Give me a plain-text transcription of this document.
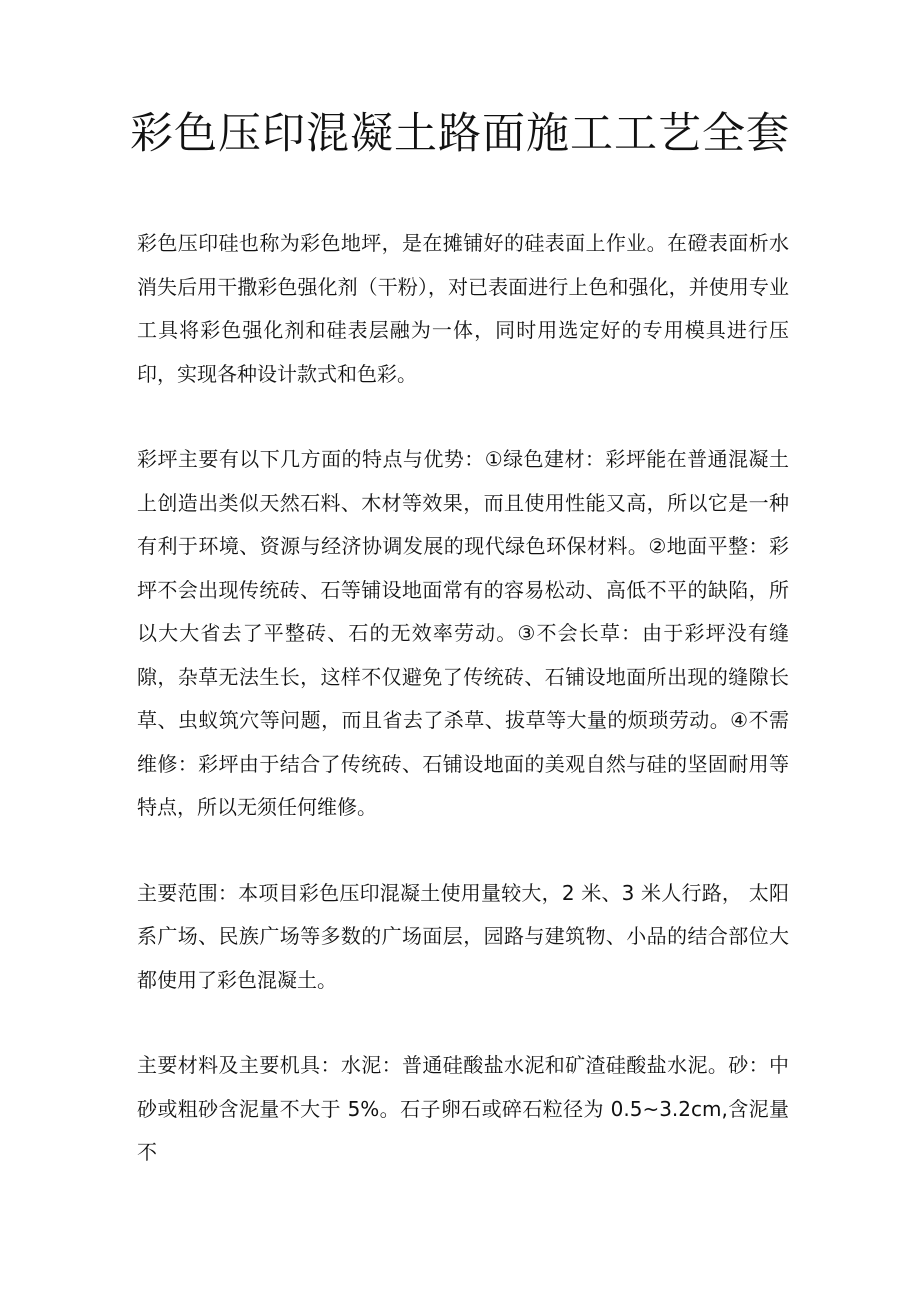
彩色压印混凝土路面施工工艺全套

彩色压印硅也称为彩色地坪，是在摊铺好的硅表面上作业。在磴表面析水消失后用干撒彩色强化剂（干粉），对已表面进行上色和强化，并使用专业工具将彩色强化剂和硅表层融为一体，同时用选定好的专用模具进行压印，实现各种设计款式和色彩。

彩坪主要有以下几方面的特点与优势：①绿色建材：彩坪能在普通混凝土上创造出类似天然石料、木材等效果，而且使用性能又高，所以它是一种有利于环境、资源与经济协调发展的现代绿色环保材料。②地面平整：彩坪不会出现传统砖、石等铺设地面常有的容易松动、高低不平的缺陷，所以大大省去了平整砖、石的无效率劳动。③不会长草：由于彩坪没有缝隙，杂草无法生长，这样不仅避免了传统砖、石铺设地面所出现的缝隙长草、虫蚁筑穴等问题，而且省去了杀草、拔草等大量的烦琐劳动。④不需维修：彩坪由于结合了传统砖、石铺设地面的美观自然与硅的坚固耐用等特点，所以无须任何维修。

主要范围：本项目彩色压印混凝土使用量较大，2 米、3 米人行路， 太阳系广场、民族广场等多数的广场面层，园路与建筑物、小品的结合部位大都使用了彩色混凝土。

主要材料及主要机具：水泥：普通硅酸盐水泥和矿渣硅酸盐水泥。砂：中砂或粗砂含泥量不大于 5%。石子卵石或碎石粒径为 0.5~3.2cm,含泥量不
